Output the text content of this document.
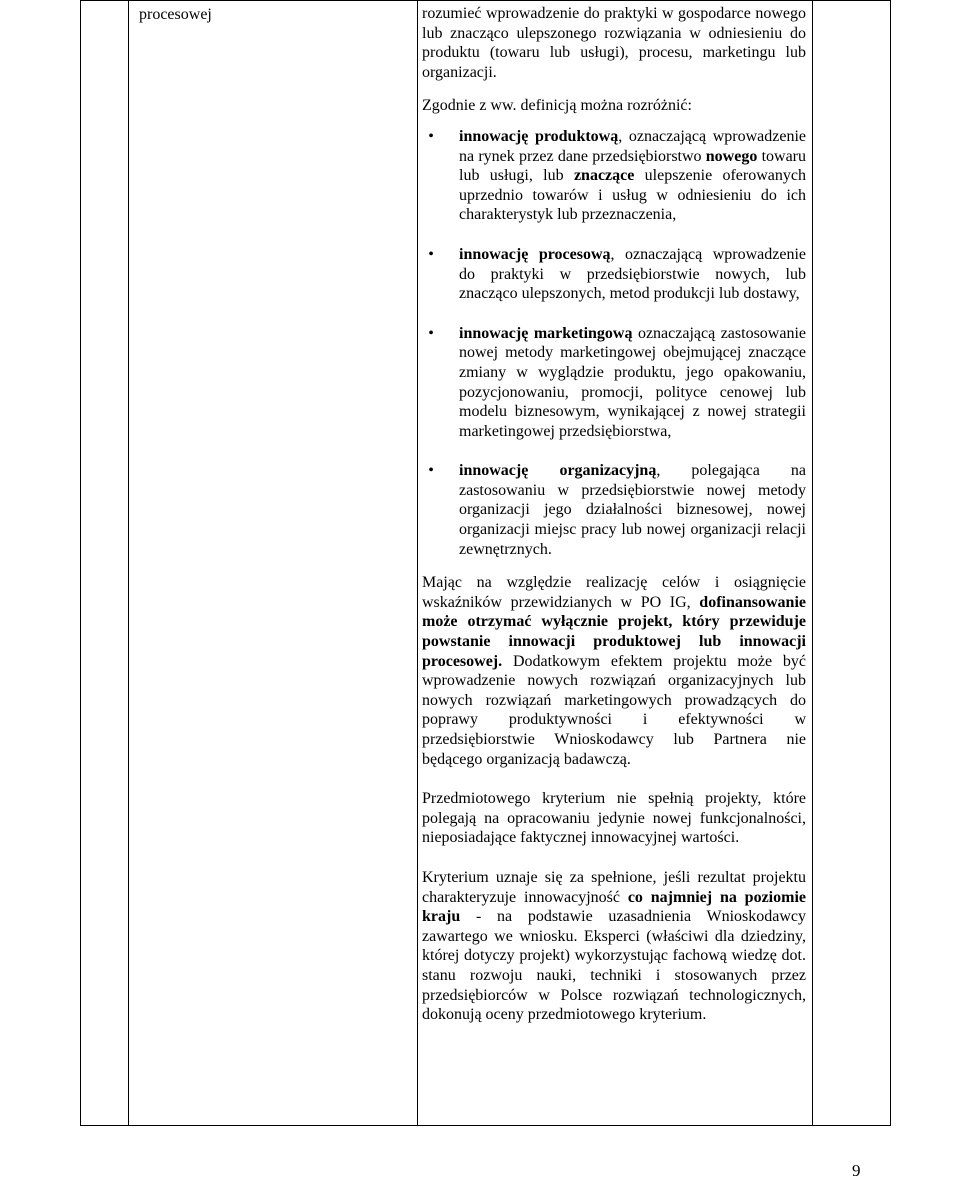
	procesowej	rozumieć wprowadzenie do praktyki w gospodarce nowego lub znacząco ulepszonego rozwiązania w odniesieniu do produktu (towaru lub usługi), procesu, marketingu lub organizacji.

Zgodnie z ww. definicją można rozróżnić:

•	innowację produktową, oznaczającą wprowadzenie na rynek przez dane przedsiębiorstwo nowego towaru lub usługi, lub znaczące ulepszenie oferowanych uprzednio towarów i usług w odniesieniu do ich charakterystyk lub przeznaczenia,
•	innowację procesową, oznaczającą wprowadzenie do praktyki w przedsiębiorstwie nowych, lub znacząco ulepszonych, metod produkcji lub dostawy,
•	innowację marketingową oznaczającą zastosowanie nowej metody marketingowej obejmującej znaczące zmiany w wyglądzie produktu, jego opakowaniu, pozycjonowaniu, promocji, polityce cenowej lub modelu biznesowym, wynikającej z nowej strategii marketingowej przedsiębiorstwa,
•	innowację organizacyjną, polegająca na zastosowaniu w przedsiębiorstwie nowej metody organizacji jego działalności biznesowej, nowej organizacji miejsc pracy lub nowej organizacji relacji zewnętrznych.

Mając na względzie realizację celów i osiągnięcie wskaźników przewidzianych w PO IG, dofinansowanie może otrzymać wyłącznie projekt, który przewiduje powstanie innowacji produktowej lub innowacji procesowej. Dodatkowym efektem projektu może być wprowadzenie nowych rozwiązań organizacyjnych lub nowych rozwiązań marketingowych prowadzących do poprawy produktywności i efektywności w przedsiębiorstwie Wnioskodawcy lub Partnera nie będącego organizacją badawczą.

Przedmiotowego kryterium nie spełnią projekty, które polegają na opracowaniu jedynie nowej funkcjonalności, nieposiadające faktycznej innowacyjnej wartości.

Kryterium uznaje się za spełnione, jeśli rezultat projektu charakteryzuje innowacyjność co najmniej na poziomie kraju - na podstawie uzasadnienia Wnioskodawcy zawartego we wniosku. Eksperci (właściwi dla dziedziny, której dotyczy projekt) wykorzystując fachową wiedzę dot. stanu rozwoju nauki, techniki i stosowanych przez przedsiębiorców w Polsce rozwiązań technologicznych, dokonują oceny przedmiotowego kryterium.

9
